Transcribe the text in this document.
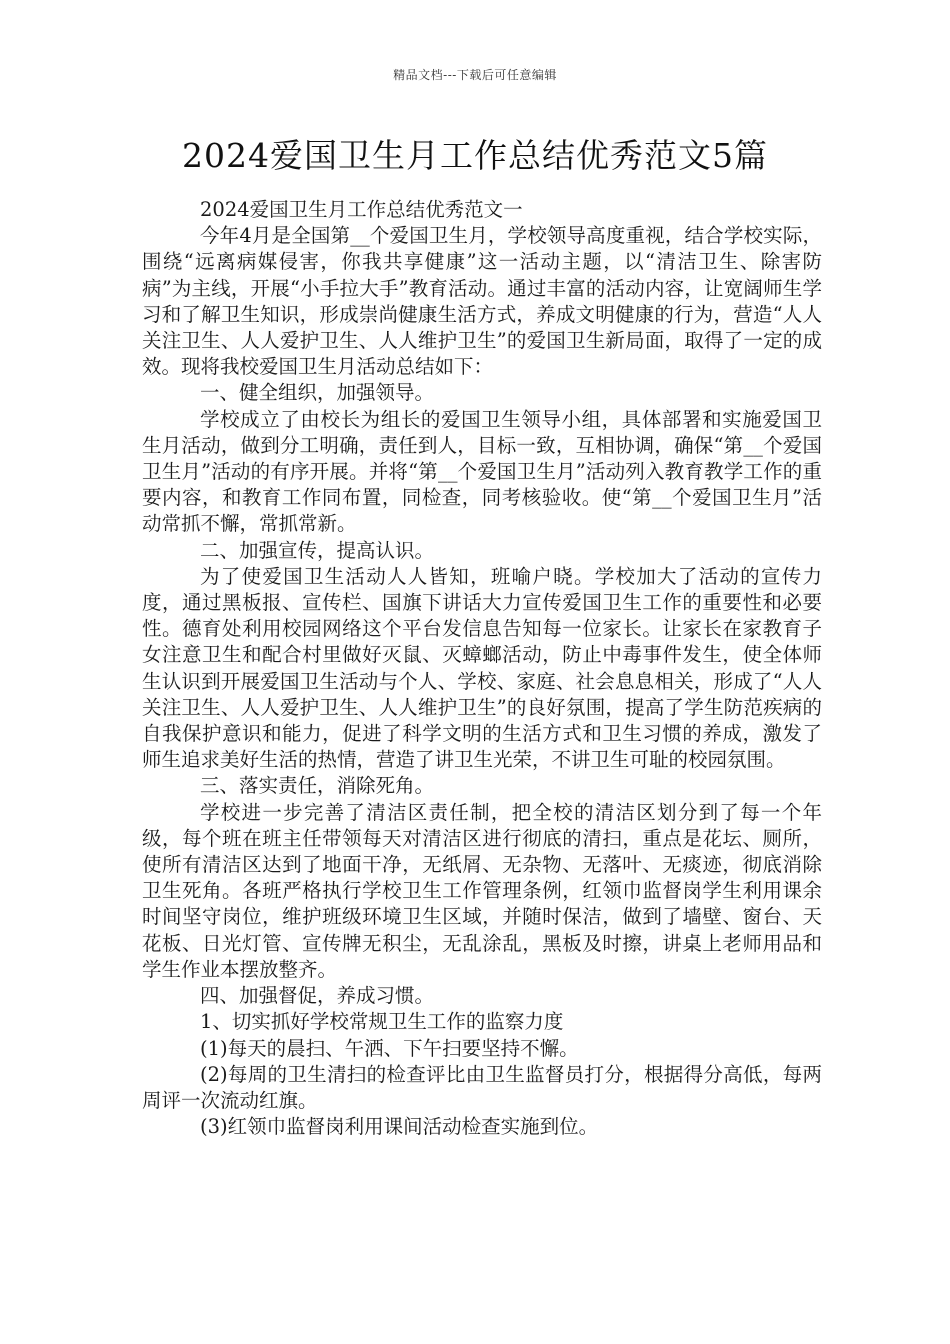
精品文档---下载后可任意编辑
2024爱国卫生月工作总结优秀范文5篇

2024爱国卫生月工作总结优秀范文一

今年4月是全国第__个爱国卫生月，学校领导高度重视，结合学校实际，围绕“远离病媒侵害，你我共享健康”这一活动主题，以“清洁卫生、除害防病”为主线，开展“小手拉大手”教育活动。通过丰富的活动内容，让宽阔师生学习和了解卫生知识，形成崇尚健康生活方式，养成文明健康的行为，营造“人人关注卫生、人人爱护卫生、人人维护卫生”的爱国卫生新局面，取得了一定的成效。现将我校爱国卫生月活动总结如下：

一、健全组织，加强领导。

学校成立了由校长为组长的爱国卫生领导小组，具体部署和实施爱国卫生月活动，做到分工明确，责任到人，目标一致，互相协调，确保“第__个爱国卫生月”活动的有序开展。并将“第__个爱国卫生月”活动列入教育教学工作的重要内容，和教育工作同布置，同检查，同考核验收。使“第__个爱国卫生月”活动常抓不懈，常抓常新。

二、加强宣传，提高认识。

为了使爱国卫生活动人人皆知，班喻户晓。学校加大了活动的宣传力度，通过黑板报、宣传栏、国旗下讲话大力宣传爱国卫生工作的重要性和必要性。德育处利用校园网络这个平台发信息告知每一位家长。让家长在家教育子女注意卫生和配合村里做好灭鼠、灭蟑螂活动，防止中毒事件发生，使全体师生认识到开展爱国卫生活动与个人、学校、家庭、社会息息相关，形成了“人人关注卫生、人人爱护卫生、人人维护卫生”的良好氛围，提高了学生防范疾病的自我保护意识和能力，促进了科学文明的生活方式和卫生习惯的养成，激发了师生追求美好生活的热情，营造了讲卫生光荣，不讲卫生可耻的校园氛围。

三、落实责任，消除死角。

学校进一步完善了清洁区责任制，把全校的清洁区划分到了每一个年级，每个班在班主任带领每天对清洁区进行彻底的清扫，重点是花坛、厕所，使所有清洁区达到了地面干净，无纸屑、无杂物、无落叶、无痰迹，彻底消除卫生死角。各班严格执行学校卫生工作管理条例，红领巾监督岗学生利用课余时间坚守岗位，维护班级环境卫生区域，并随时保洁，做到了墙壁、窗台、天花板、日光灯管、宣传牌无积尘，无乱涂乱，黑板及时擦，讲桌上老师用品和学生作业本摆放整齐。

四、加强督促，养成习惯。

1、切实抓好学校常规卫生工作的监察力度

(1)每天的晨扫、午洒、下午扫要坚持不懈。

(2)每周的卫生清扫的检查评比由卫生监督员打分，根据得分高低，每两周评一次流动红旗。

(3)红领巾监督岗利用课间活动检查实施到位。
